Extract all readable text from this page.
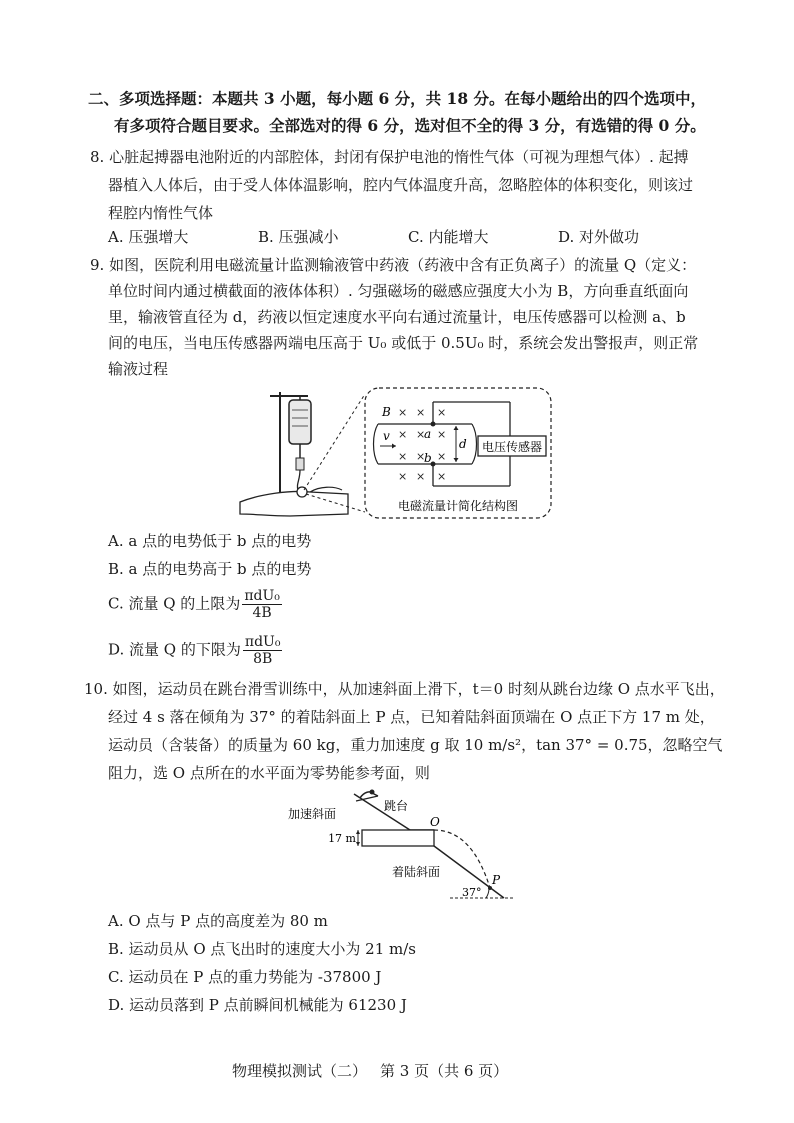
二、多项选择题：本题共 3 小题，每小题 6 分，共 18 分。在每小题给出的四个选项中，
有多项符合题目要求。全部选对的得 6 分，选对但不全的得 3 分，有选错的得 0 分。
8. 心脏起搏器电池附近的内部腔体，封闭有保护电池的惰性气体（可视为理想气体）. 起搏
器植入人体后，由于受人体体温影响，腔内气体温度升高，忽略腔体的体积变化，则该过
程腔内惰性气体
A. 压强增大	B. 压强减小	C. 内能增大	D. 对外做功
9. 如图，医院利用电磁流量计监测输液管中药液（药液中含有正负离子）的流量 Q（定义：
单位时间内通过横截面的液体体积）. 匀强磁场的磁感应强度大小为 B，方向垂直纸面向
里，输液管直径为 d，药液以恒定速度水平向右通过流量计，电压传感器可以检测 a、b
间的电压，当电压传感器两端电压高于 U₀ 或低于 0.5U₀ 时，系统会发出警报声，则正常
输液过程
电压传感器
× × ×
× × ×
× × ×
× × ×
B
v	a
b
d
电磁流量计简化结构图
A. a 点的电势低于 b 点的电势
B. a 点的电势高于 b 点的电势
C. 流量 Q 的上限为 $\frac{\text{πdU₀}}{4B}$
D. 流量 Q 的下限为 $\frac{\text{πdU₀}}{8B}$
10. 如图，运动员在跳台滑雪训练中，从加速斜面上滑下，t＝0 时刻从跳台边缘 O 点水平飞出，
经过 4 s 落在倾角为 37° 的着陆斜面上 P 点，已知着陆斜面顶端在 O 点正下方 17 m 处，
运动员（含装备）的质量为 60 kg，重力加速度 g 取 10 m/s²，tan 37° = 0.75，忽略空气
阻力，选 O 点所在的水平面为零势能参考面，则
17 m
加速斜面
跳台
O
着陆斜面
37°
P
A. O 点与 P 点的高度差为 80 m
B. 运动员从 O 点飞出时的速度大小为 21 m/s
C. 运动员在 P 点的重力势能为 -37800 J
D. 运动员落到 P 点前瞬间机械能为 61230 J
物理模拟测试（二） 第 3 页（共 6 页）
